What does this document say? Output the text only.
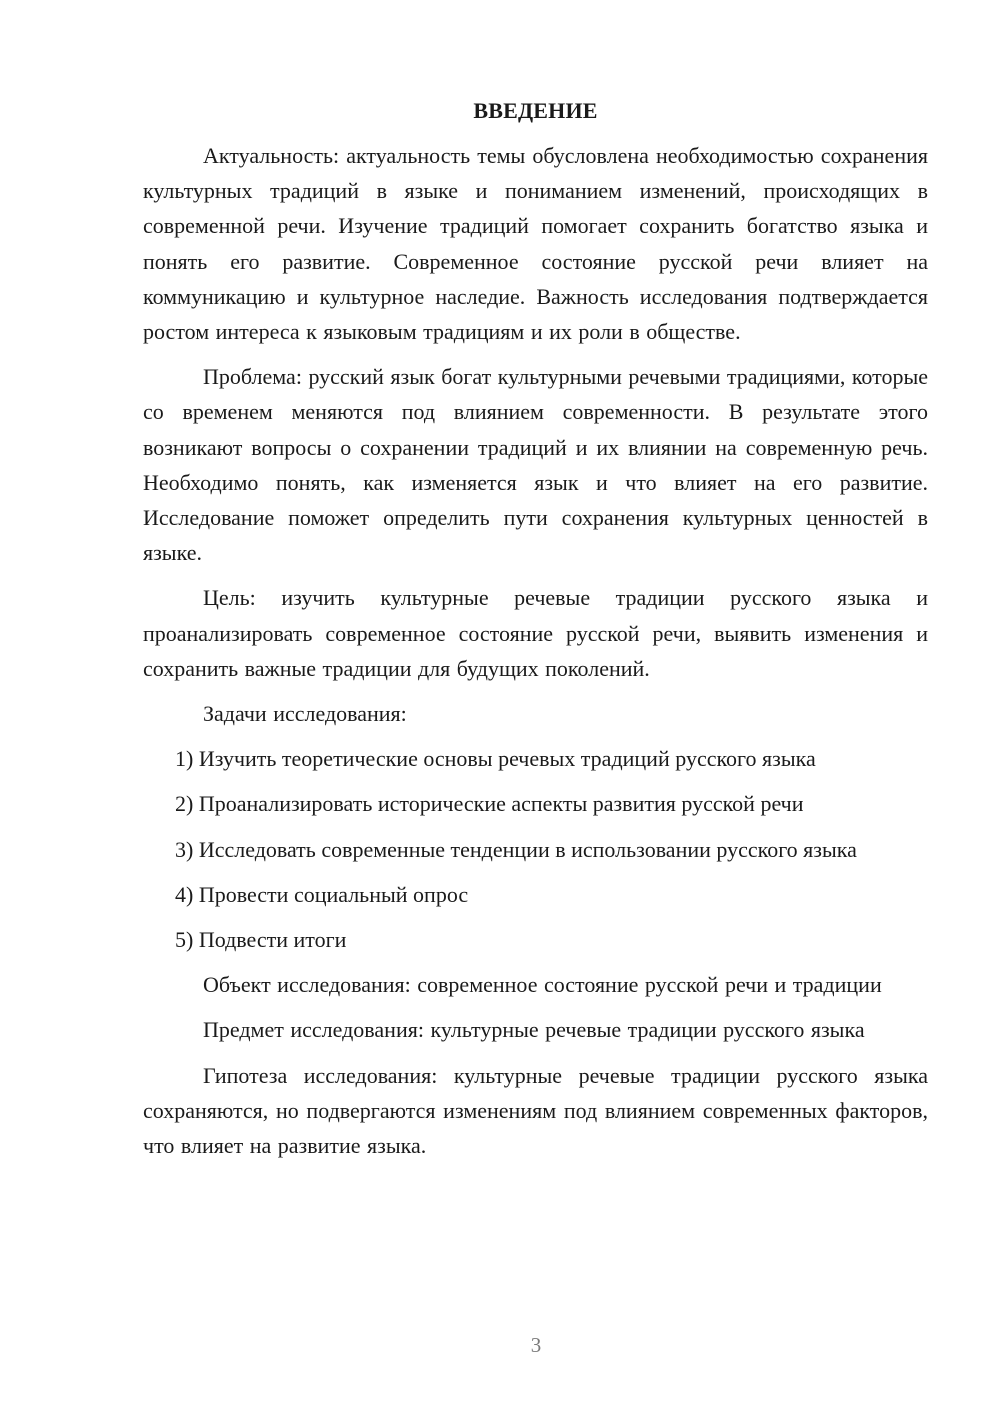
ВВЕДЕНИЕ

Актуальность: актуальность темы обусловлена необходимостью сохранения культурных традиций в языке и пониманием изменений, происходящих в современной речи. Изучение традиций помогает сохранить богатство языка и понять его развитие. Современное состояние русской речи влияет на коммуникацию и культурное наследие. Важность исследования подтверждается ростом интереса к языковым традициям и их роли в обществе.

Проблема: русский язык богат культурными речевыми традициями, которые со временем меняются под влиянием современности. В результате этого возникают вопросы о сохранении традиций и их влиянии на современную речь. Необходимо понять, как изменяется язык и что влияет на его развитие. Исследование поможет определить пути сохранения культурных ценностей в языке.

Цель: изучить культурные речевые традиции русского языка и проанализировать современное состояние русской речи, выявить изменения и сохранить важные традиции для будущих поколений.

Задачи исследования:

1) Изучить теоретические основы речевых традиций русского языка

2) Проанализировать исторические аспекты развития русской речи

3) Исследовать современные тенденции в использовании русского языка

4) Провести социальный опрос

5) Подвести итоги

Объект исследования: современное состояние русской речи и традиции

Предмет исследования: культурные речевые традиции русского языка

Гипотеза исследования: культурные речевые традиции русского языка сохраняются, но подвергаются изменениям под влиянием современных факторов, что влияет на развитие языка.

3
